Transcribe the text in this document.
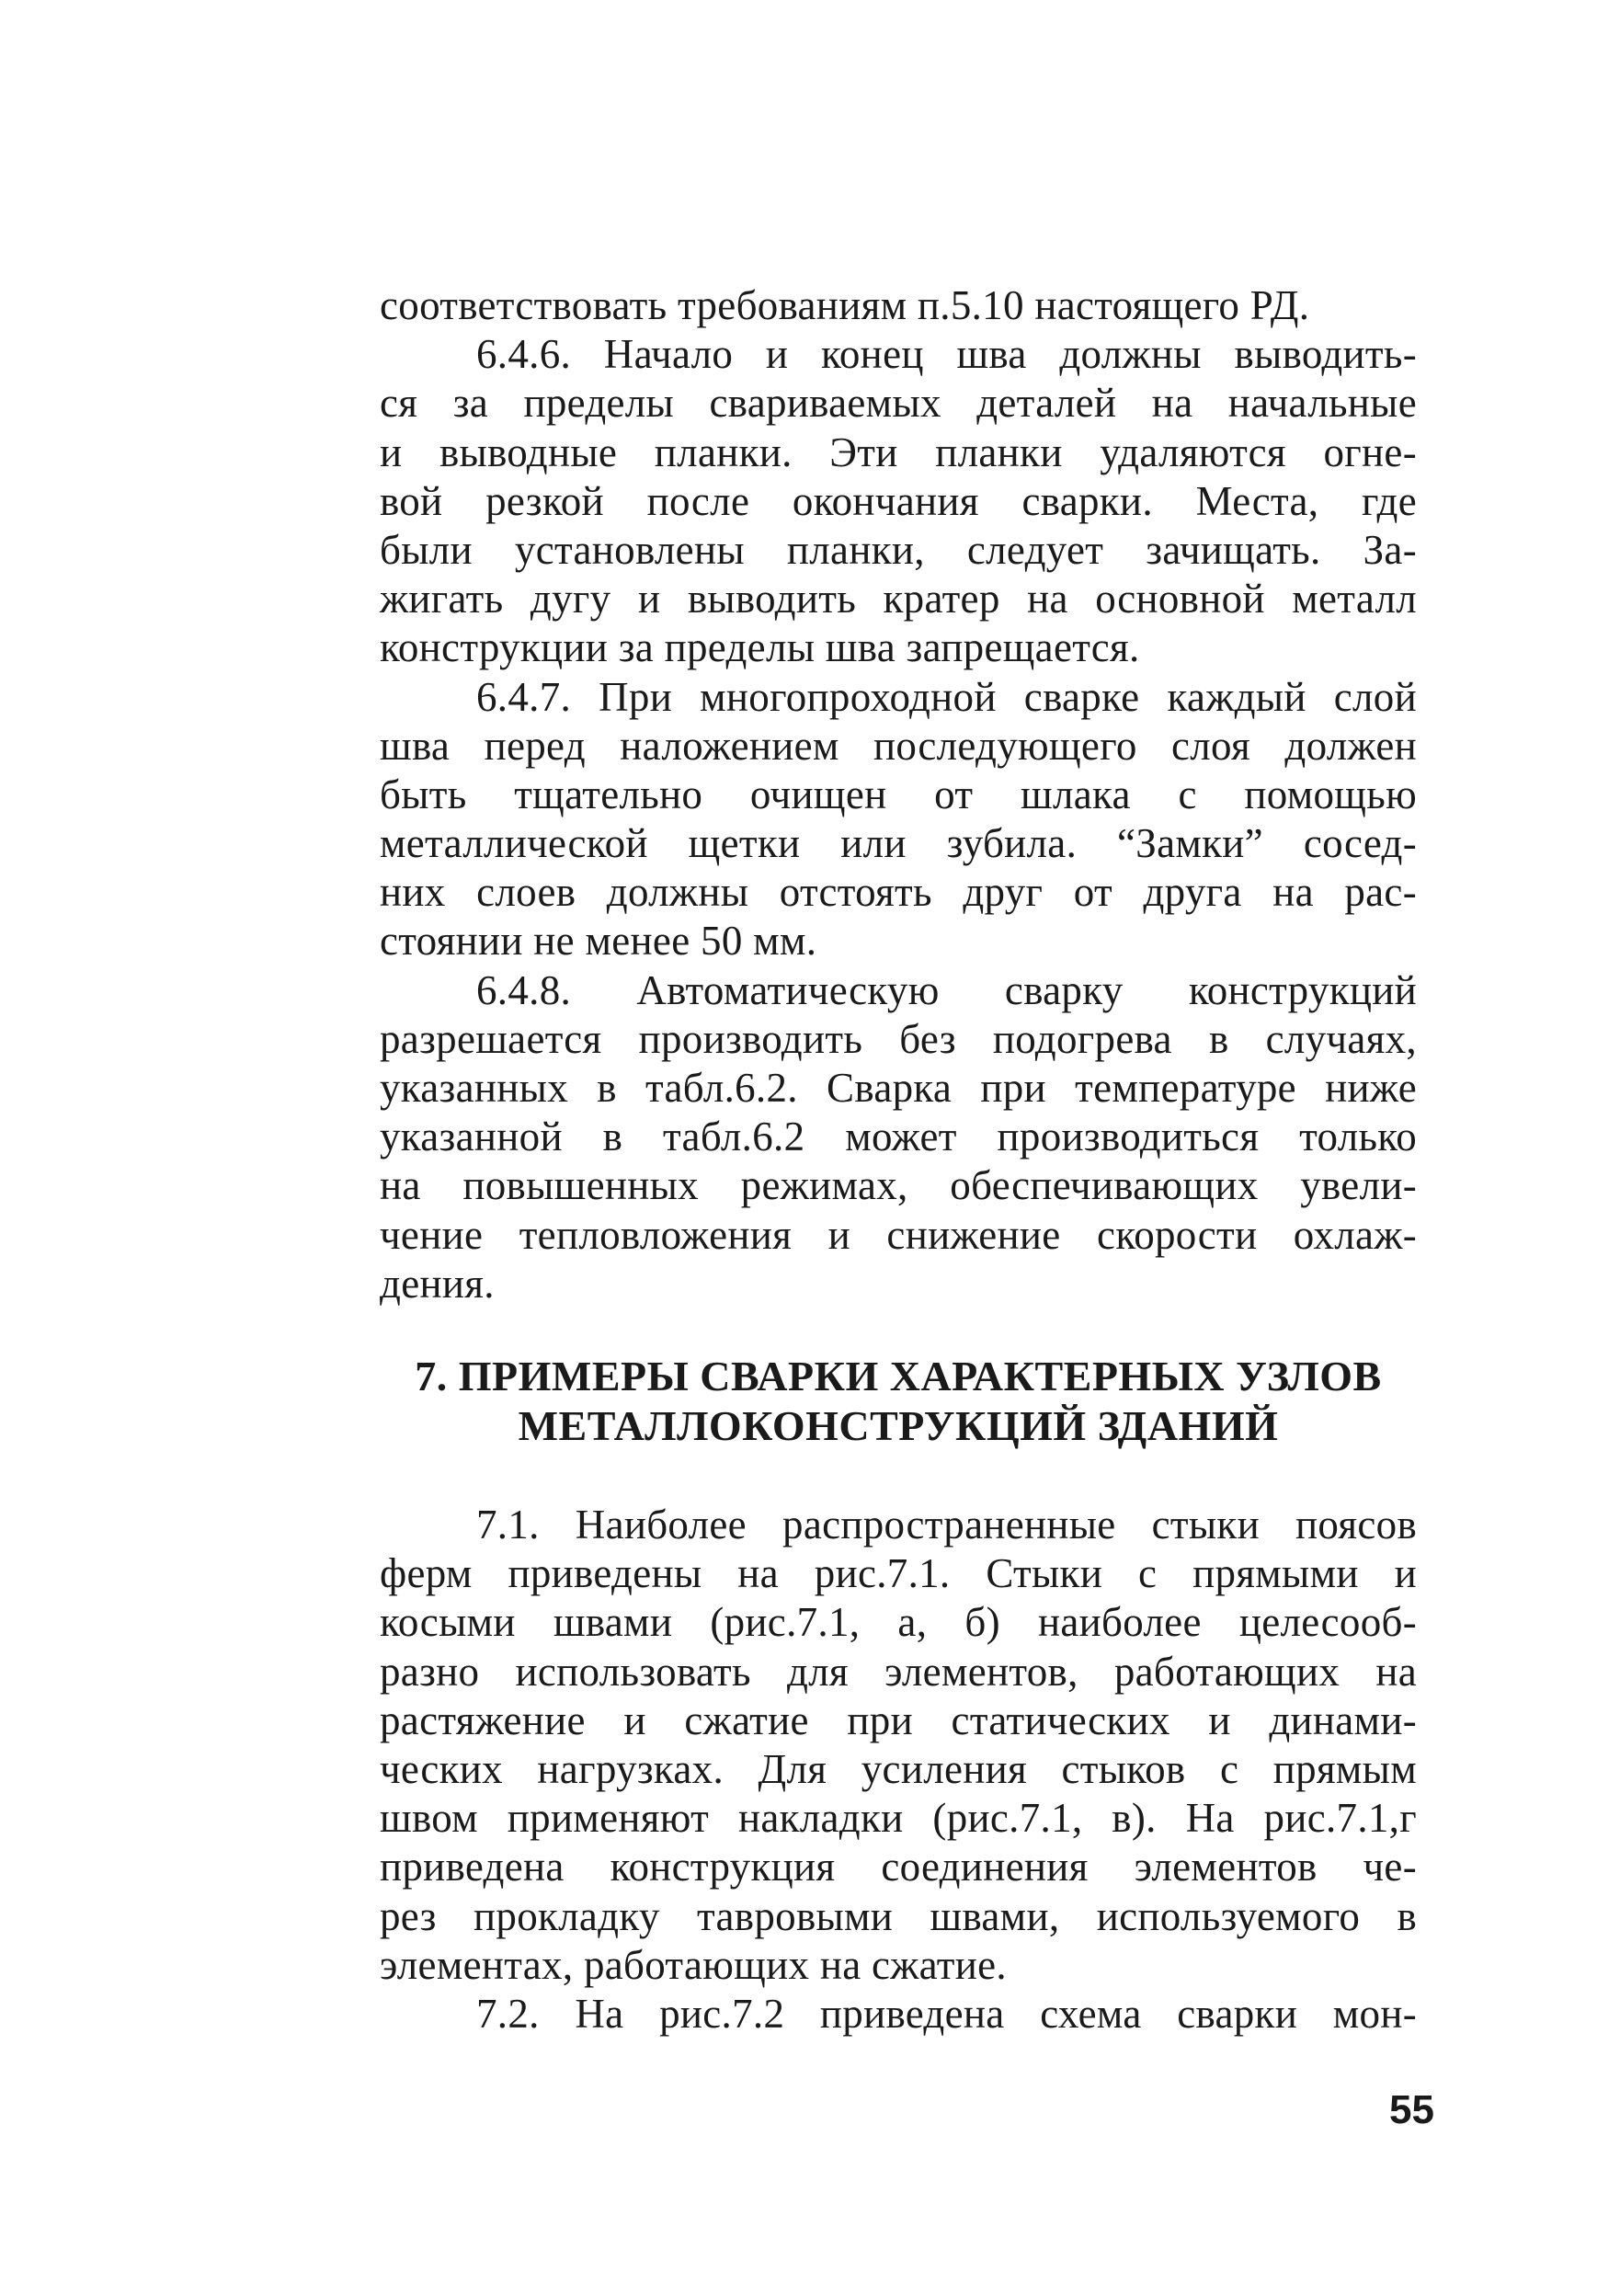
соответствовать требованиям п.5.10 настоящего РД.
6.4.6. Начало и конец шва должны выводить-
ся за пределы свариваемых деталей на начальные
и выводные планки. Эти планки удаляются огне-
вой резкой после окончания сварки. Места, где
были установлены планки, следует зачищать. За-
жигать дугу и выводить кратер на основной металл
конструкции за пределы шва запрещается.
6.4.7. При многопроходной сварке каждый слой
шва перед наложением последующего слоя должен
быть тщательно очищен от шлака с помощью
металлической щетки или зубила. “Замки” сосед-
них слоев должны отстоять друг от друга на рас-
стоянии не менее 50 мм.
6.4.8. Автоматическую сварку конструкций
разрешается производить без подогрева в случаях,
указанных в табл.6.2. Сварка при температуре ниже
указанной в табл.6.2 может производиться только
на повышенных режимах, обеспечивающих увели-
чение тепловложения и снижение скорости охлаж-
дения.
7. ПРИМЕРЫ СВАРКИ ХАРАКТЕРНЫХ УЗЛОВ
МЕТАЛЛОКОНСТРУКЦИЙ ЗДАНИЙ
7.1. Наиболее распространенные стыки поясов
ферм приведены на рис.7.1. Стыки с прямыми и
косыми швами (рис.7.1, а, б) наиболее целесооб-
разно использовать для элементов, работающих на
растяжение и сжатие при статических и динами-
ческих нагрузках. Для усиления стыков с прямым
швом применяют накладки (рис.7.1, в). На рис.7.1,г
приведена конструкция соединения элементов че-
рез прокладку тавровыми швами, используемого в
элементах, работающих на сжатие.
7.2. На рис.7.2 приведена схема сварки мон-
55
